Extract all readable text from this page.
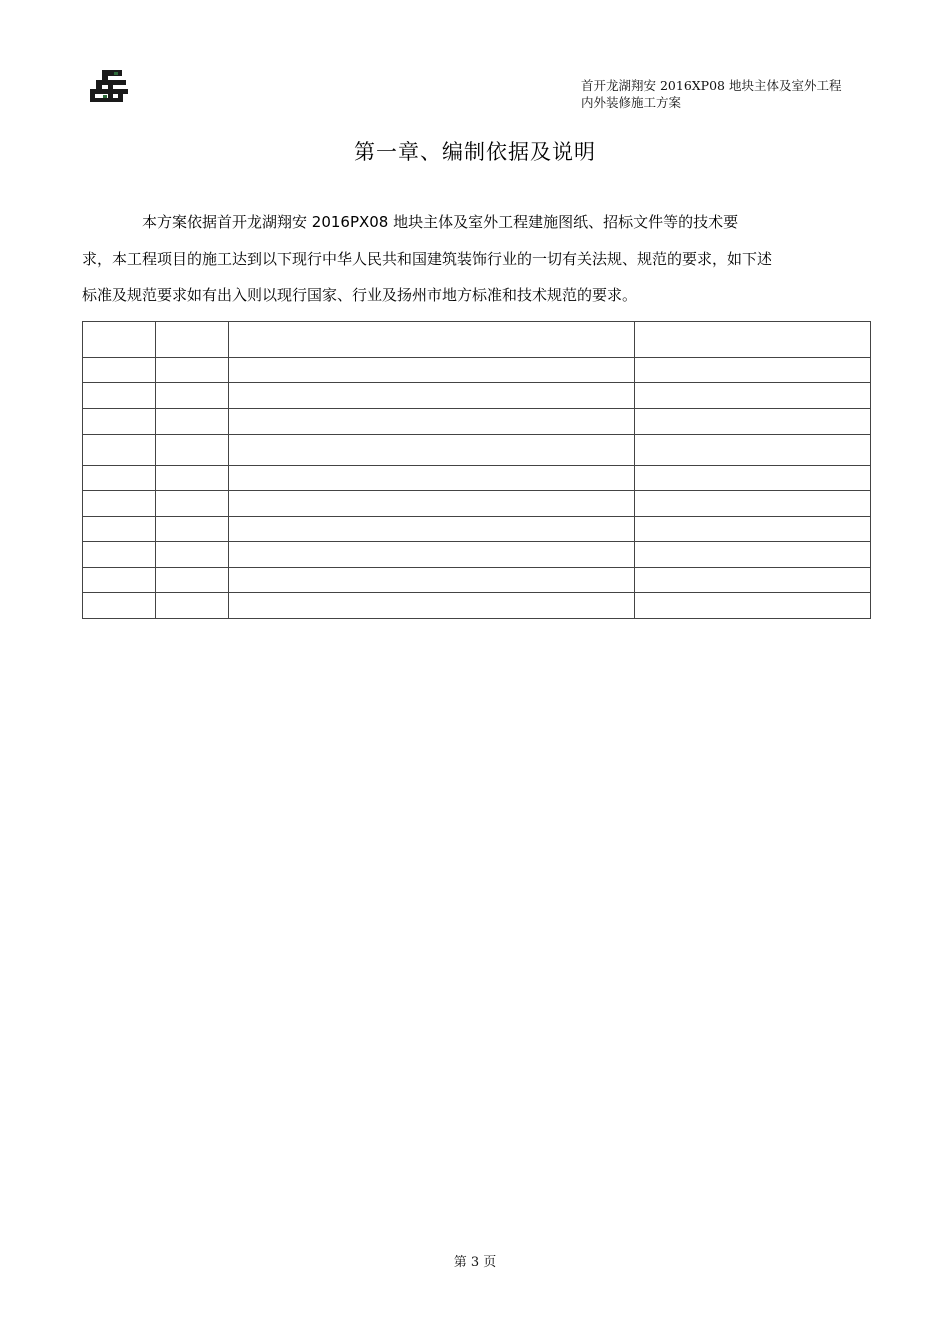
首开龙湖翔安 2016XP08 地块主体及室外工程
内外装修施工方案
第一章、编制依据及说明
本方案依据首开龙湖翔安 2016PX08 地块主体及室外工程建施图纸、招标文件等的技术要
求，本工程项目的施工达到以下现行中华人民共和国建筑装饰行业的一切有关法规、规范的要求，如下述
标准及规范要求如有出入则以现行国家、行业及扬州市地方标准和技术规范的要求。

第 3 页
